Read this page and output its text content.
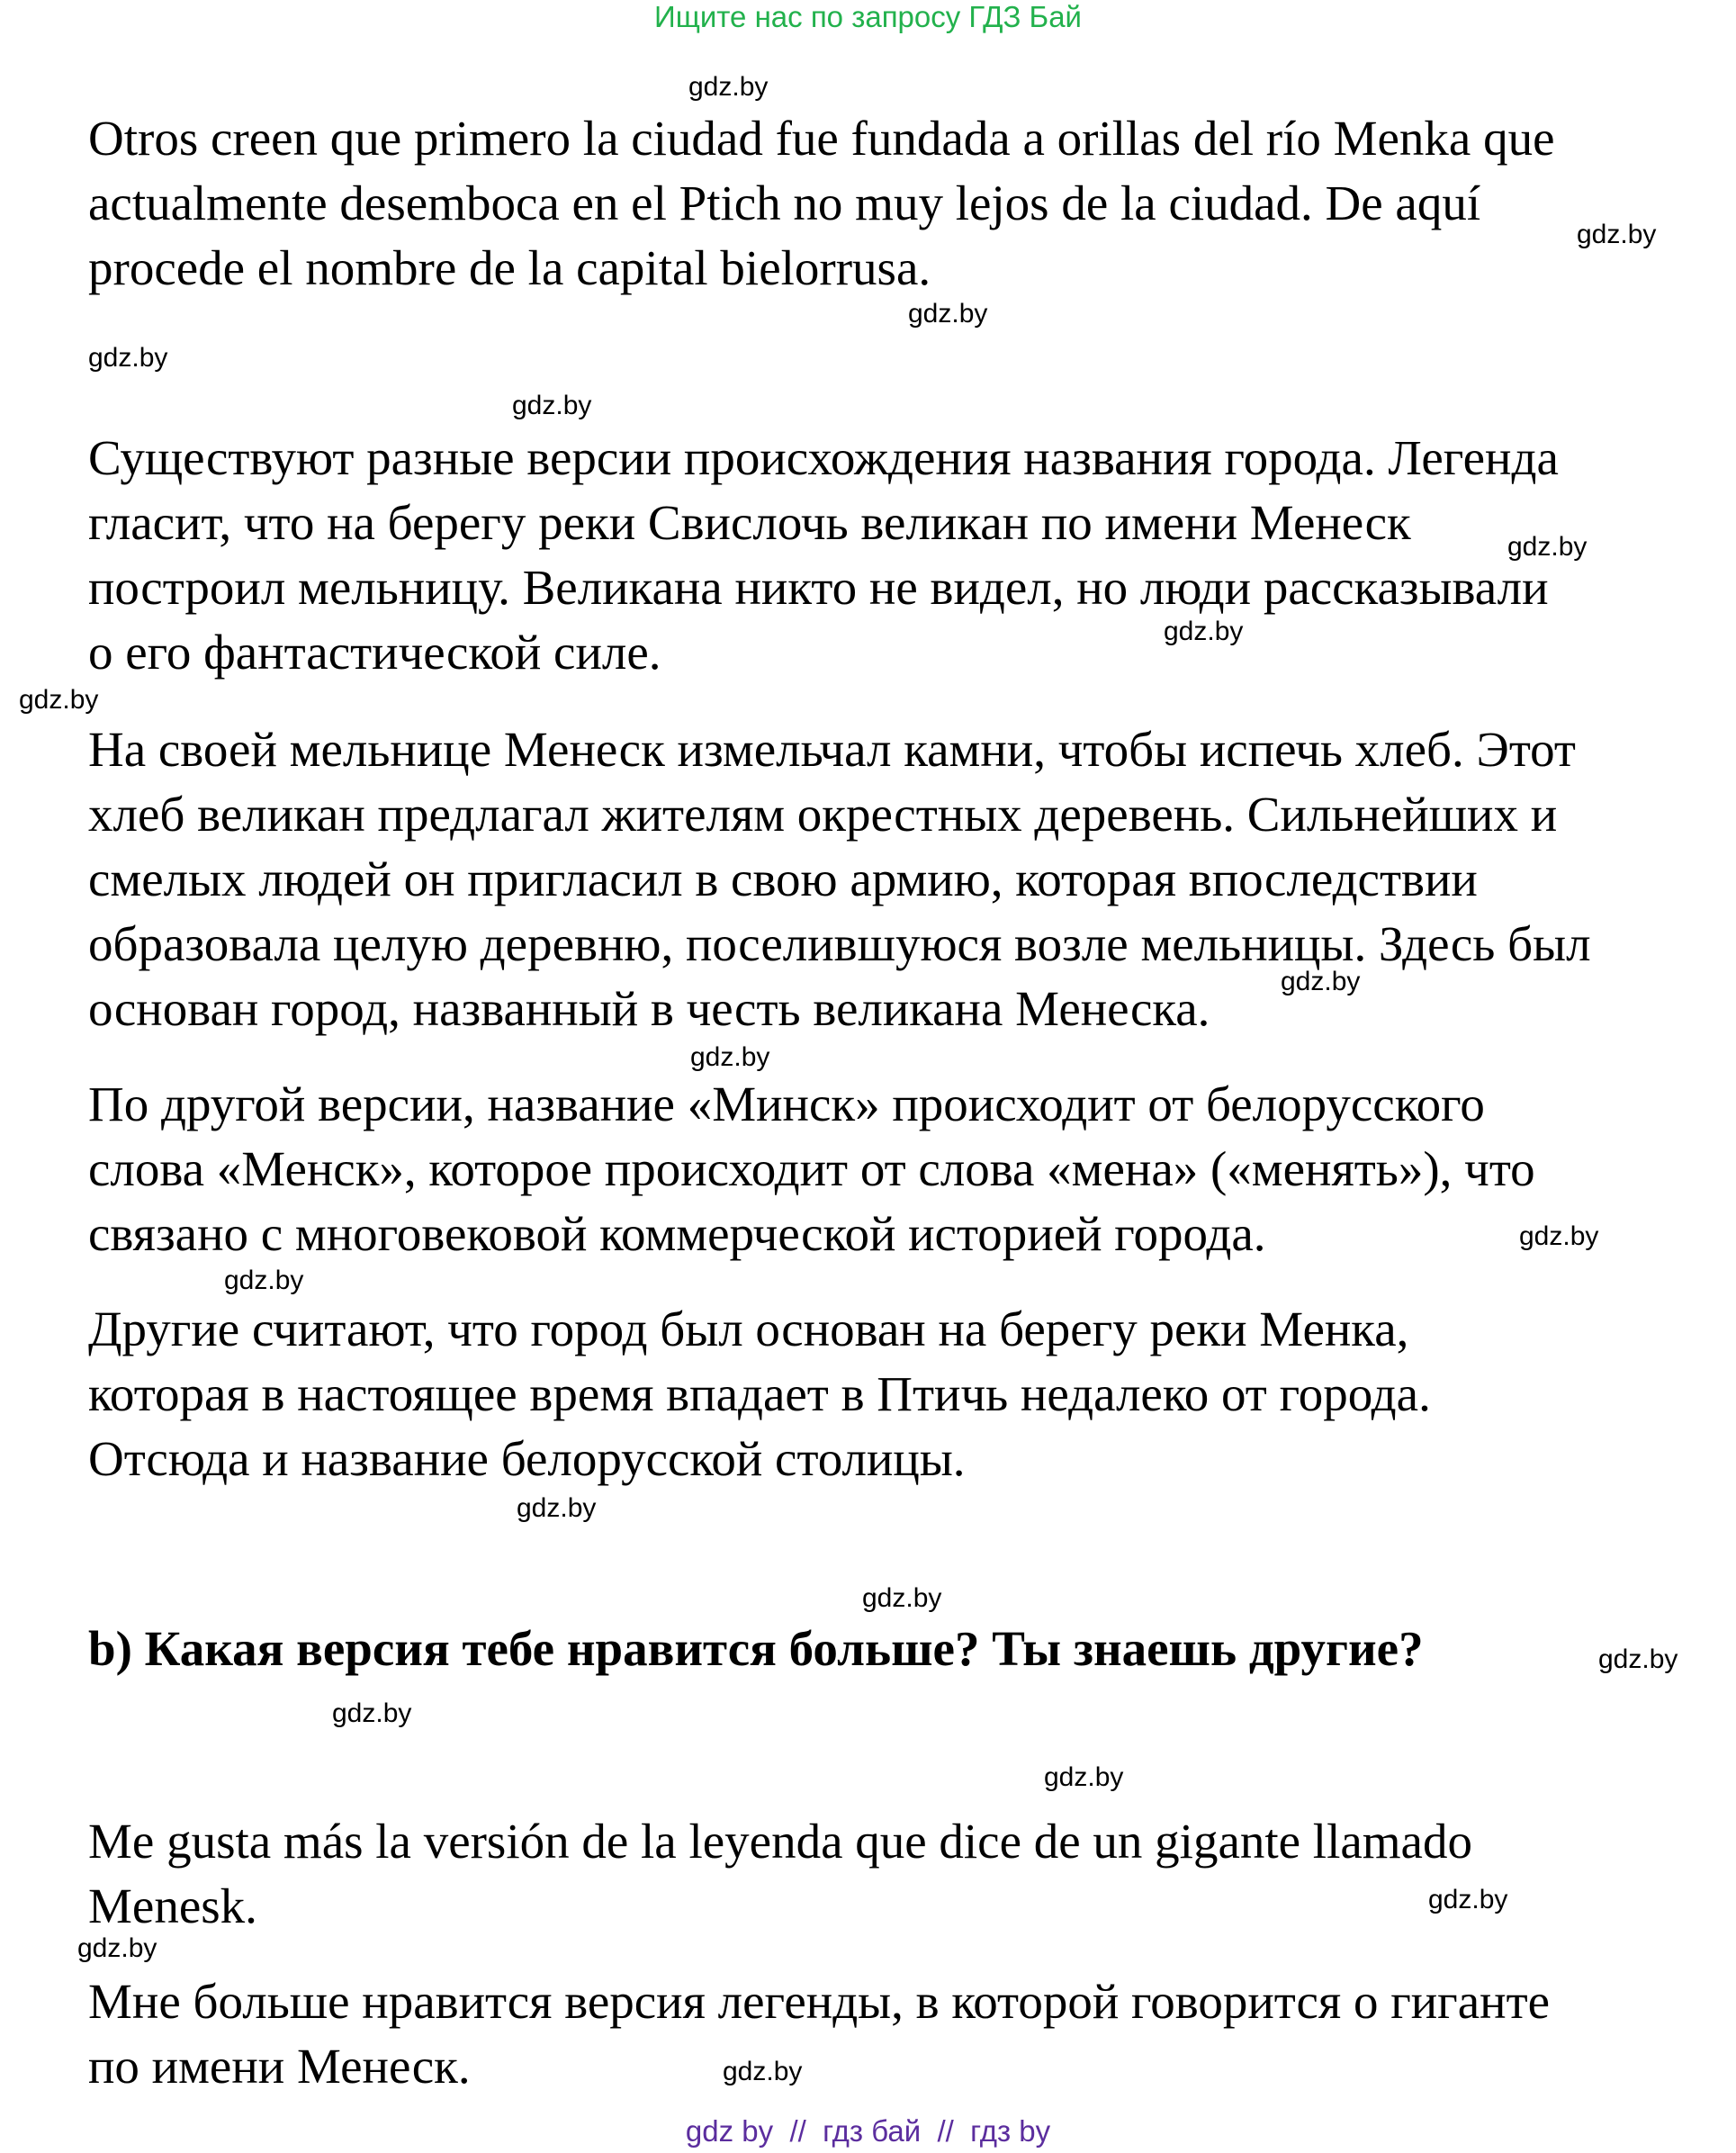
Ищите нас по запросу ГДЗ Бай
Otros creen que primero la ciudad fue fundada a orillas del río Menka que
actualmente desemboca en el Ptich no muy lejos de la ciudad. De aquí
procede el nombre de la capital bielorrusa.
Существуют разные версии происхождения названия города. Легенда
гласит, что на берегу реки Свислочь великан по имени Менеск
построил мельницу. Великана никто не видел, но люди рассказывали
о его фантастической силе.
На своей мельнице Менеск измельчал камни, чтобы испечь хлеб. Этот
хлеб великан предлагал жителям окрестных деревень. Сильнейших и
смелых людей он пригласил в свою армию, которая впоследствии
образовала целую деревню, поселившуюся возле мельницы. Здесь был
основан город, названный в честь великана Менеска.
По другой версии, название «Минск» происходит от белорусского
слова «Менск», которое происходит от слова «мена» («менять»), что
связано с многовековой коммерческой историей города.
Другие считают, что город был основан на берегу реки Менка,
которая в настоящее время впадает в Птичь недалеко от города.
Отсюда и название белорусской столицы.
b) Какая версия тебе нравится больше? Ты знаешь другие?
Me gusta más la versión de la leyenda que dice de un gigante llamado
Menesk.
Мне больше нравится версия легенды, в которой говорится о гиганте
по имени Менеск.
gdz.by
gdz.by
gdz.by
gdz.by
gdz.by
gdz.by
gdz.by
gdz.by
gdz.by
gdz.by
gdz.by
gdz.by
gdz.by
gdz.by
gdz.by
gdz.by
gdz.by
gdz.by
gdz.by
gdz.by
gdz by  //  гдз бай  //  гдз by
